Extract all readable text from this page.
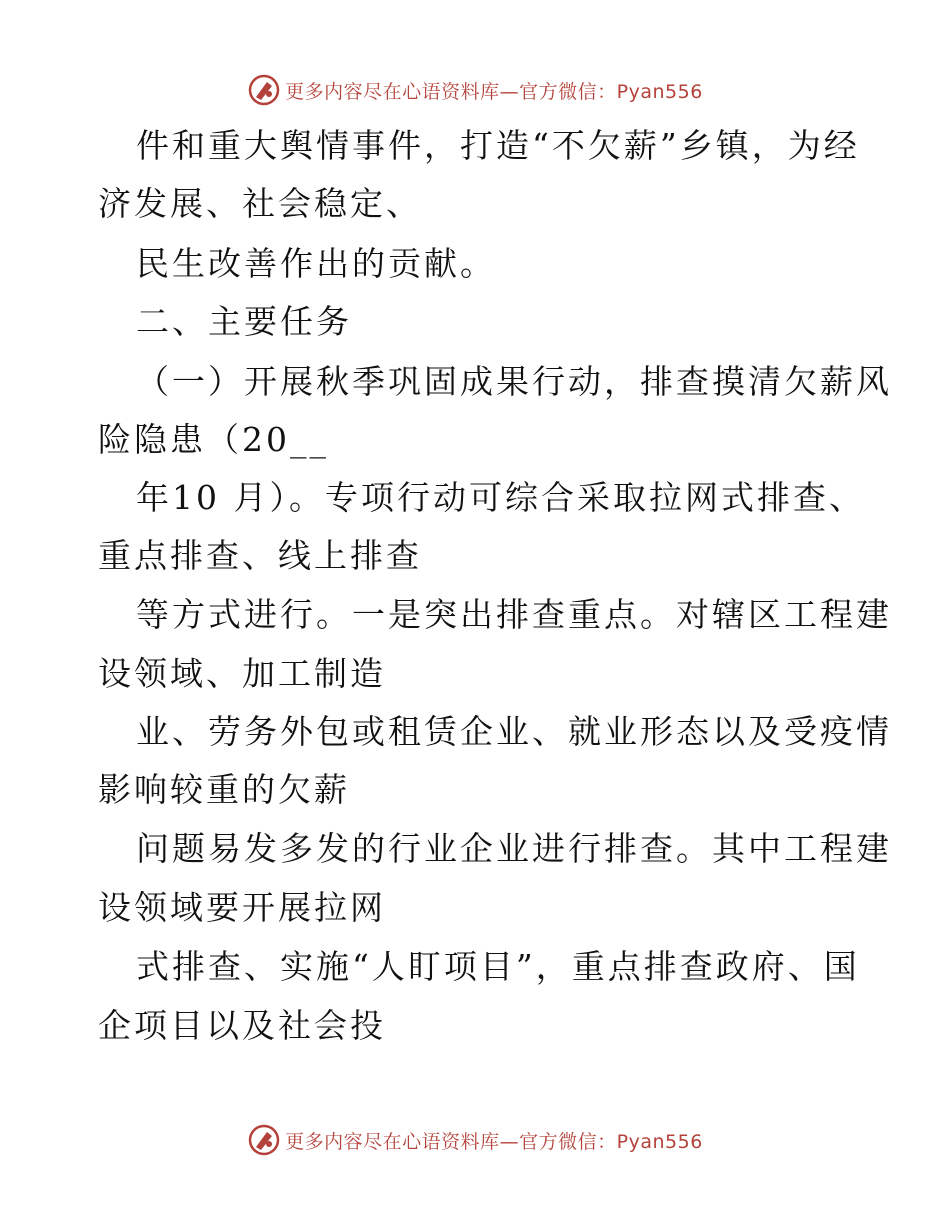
更多内容尽在心语资料库—官方微信：Pyan556
件和重大舆情事件，打造“不欠薪”乡镇，为经
济发展、社会稳定、
民生改善作出的贡献。
二、主要任务
（一）开展秋季巩固成果行动，排查摸清欠薪风
险隐患（20__
年10 月）。专项行动可综合采取拉网式排查、
重点排查、线上排查
等方式进行。一是突出排查重点。对辖区工程建
设领域、加工制造
业、劳务外包或租赁企业、就业形态以及受疫情
影响较重的欠薪
问题易发多发的行业企业进行排查。其中工程建
设领域要开展拉网
式排查、实施“人盯项目”，重点排查政府、国
企项目以及社会投
更多内容尽在心语资料库—官方微信：Pyan556
